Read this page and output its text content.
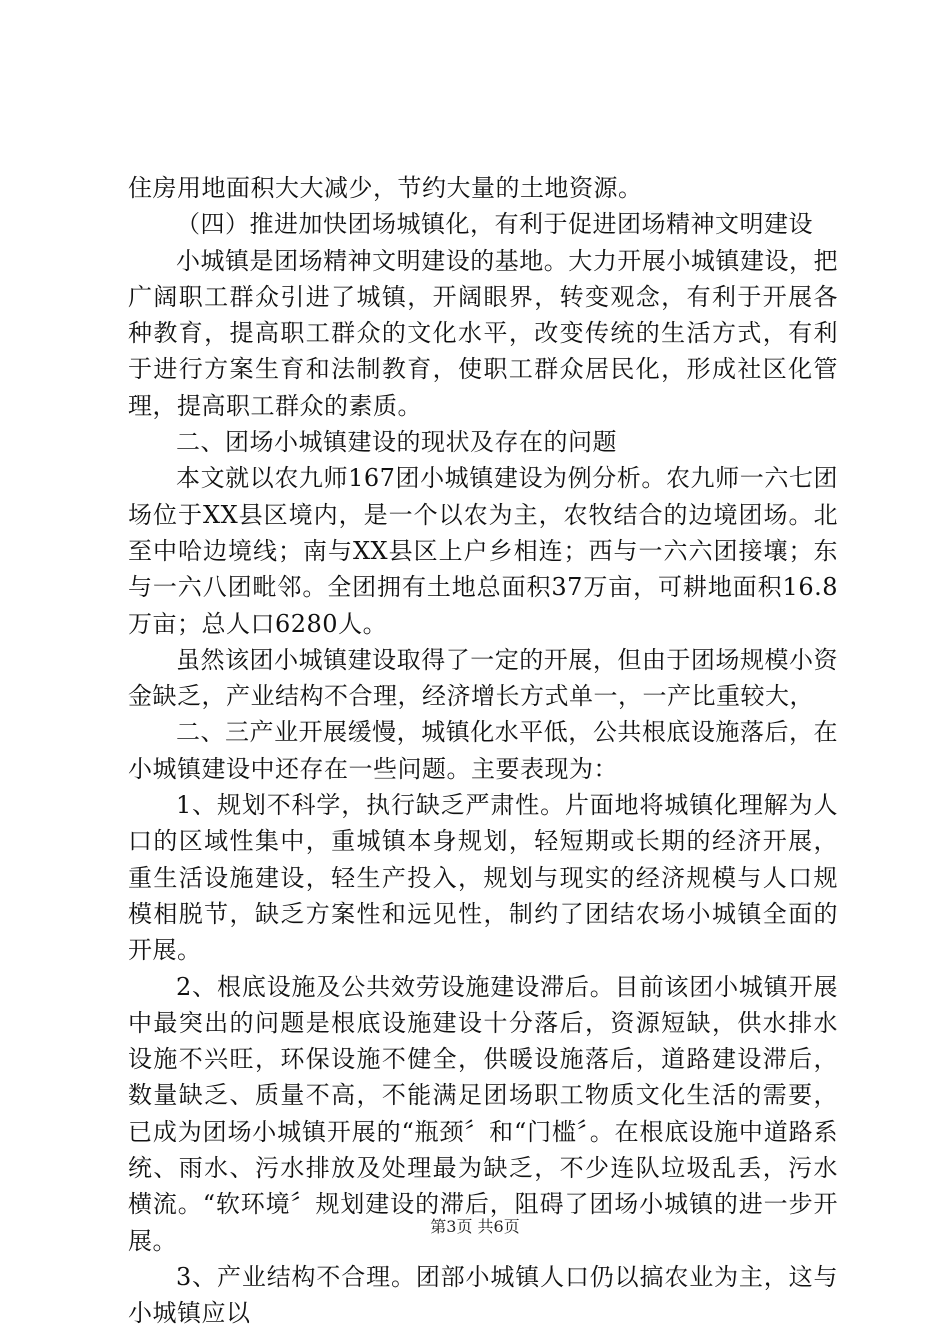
住房用地面积大大减少，节约大量的土地资源。

（四）推进加快团场城镇化，有利于促进团场精神文明建设

小城镇是团场精神文明建设的基地。大力开展小城镇建设，把广阔职工群众引进了城镇，开阔眼界，转变观念，有利于开展各种教育，提高职工群众的文化水平，改变传统的生活方式，有利于进行方案生育和法制教育，使职工群众居民化，形成社区化管理，提高职工群众的素质。

二、团场小城镇建设的现状及存在的问题

本文就以农九师167团小城镇建设为例分析。农九师一六七团场位于XX县区境内，是一个以农为主，农牧结合的边境团场。北至中哈边境线；南与XX县区上户乡相连；西与一六六团接壤；东与一六八团毗邻。全团拥有土地总面积37万亩，可耕地面积16.8万亩；总人口6280人。

虽然该团小城镇建设取得了一定的开展，但由于团场规模小资金缺乏，产业结构不合理，经济增长方式单一，一产比重较大，

二、三产业开展缓慢，城镇化水平低，公共根底设施落后，在小城镇建设中还存在一些问题。主要表现为：

1、规划不科学，执行缺乏严肃性。片面地将城镇化理解为人口的区域性集中，重城镇本身规划，轻短期或长期的经济开展，重生活设施建设，轻生产投入，规划与现实的经济规模与人口规模相脱节，缺乏方案性和远见性，制约了团结农场小城镇全面的开展。

2、根底设施及公共效劳设施建设滞后。目前该团小城镇开展中最突出的问题是根底设施建设十分落后，资源短缺，供水排水设施不兴旺，环保设施不健全，供暖设施落后，道路建设滞后，数量缺乏、质量不高，不能满足团场职工物质文化生活的需要，已成为团场小城镇开展的“瓶颈〞和“门槛〞。在根底设施中道路系统、雨水、污水排放及处理最为缺乏，不少连队垃圾乱丢，污水横流。“软环境〞规划建设的滞后，阻碍了团场小城镇的进一步开展。

3、产业结构不合理。团部小城镇人口仍以搞农业为主，这与小城镇应以

第3页 共6页
